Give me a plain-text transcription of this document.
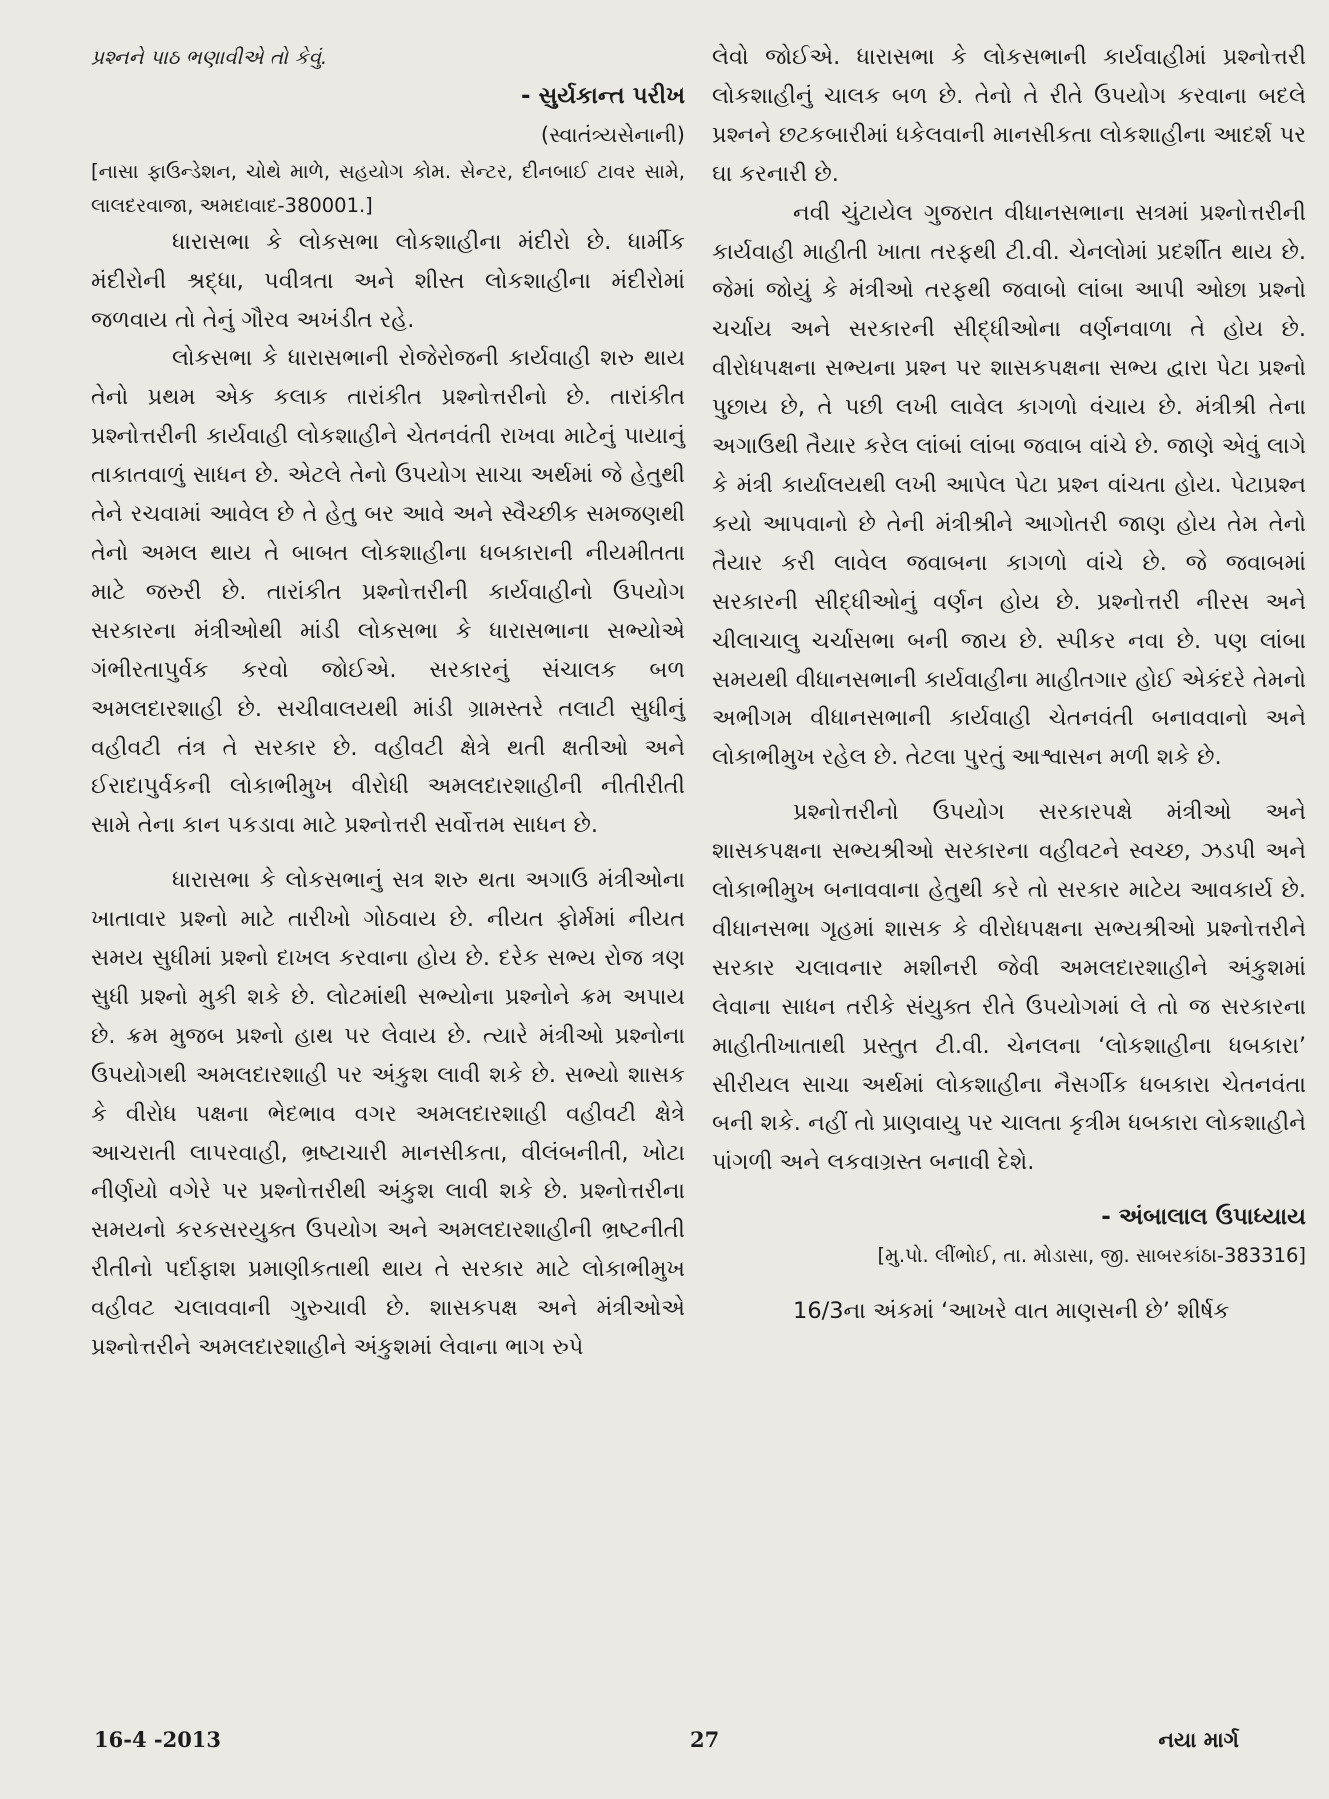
પ્રશ્નને પાઠ ભણાવીએ તો કેવું.

- સુર્યકાન્ત પરીખ

(સ્વાતંત્ર્યસેનાની)

[નાસા ફાઉન્ડેશન, ચોથે માળે, સહયોગ કોમ. સેન્ટર, દીનબાઈ ટાવર સામે, લાલદરવાજા, અમદાવાદ-380001.]

ધારાસભા કે લોકસભા લોકશાહીના મંદીરો છે. ધાર્મીક મંદીરોની શ્રદ્ધા, પવીત્રતા અને શીસ્ત લોકશાહીના મંદીરોમાં જળવાય તો તેનું ગૌરવ અખંડીત રહે.

લોકસભા કે ધારાસભાની રોજેરોજની કાર્યવાહી શરુ થાય તેનો પ્રથમ એક કલાક તારાંકીત પ્રશ્નોત્તરીનો છે. તારાંકીત પ્રશ્નોત્તરીની કાર્યવાહી લોકશાહીને ચેતનવંતી રાખવા માટેનું પાયાનું તાકાતવાળું સાધન છે. એટલે તેનો ઉપયોગ સાચા અર્થમાં જે હેતુથી તેને રચવામાં આવેલ છે તે હેતુ બર આવે અને સ્વૈચ્છીક સમજણથી તેનો અમલ થાય તે બાબત લોકશાહીના ધબકારાની નીયમીતતા માટે જરુરી છે. તારાંકીત પ્રશ્નોત્તરીની કાર્યવાહીનો ઉપયોગ સરકારના મંત્રીઓથી માંડી લોકસભા કે ધારાસભાના સભ્યોએ ગંભીરતાપુર્વક કરવો જોઈએ. સરકારનું સંચાલક બળ અમલદારશાહી છે. સચીવાલયથી માંડી ગ્રામસ્તરે તલાટી સુધીનું વહીવટી તંત્ર તે સરકાર છે. વહીવટી ક્ષેત્રે થતી ક્ષતીઓ અને ઈરાદાપુર્વકની લોકાભીમુખ વીરોધી અમલદારશાહીની નીતીરીતી સામે તેના કાન પકડાવા માટે પ્રશ્નોત્તરી સર્વોત્તમ સાધન છે.

ધારાસભા કે લોકસભાનું સત્ર શરુ થતા અગાઉ મંત્રીઓના ખાતાવાર પ્રશ્નો માટે તારીખો ગોઠવાય છે. નીયત ફોર્મમાં નીયત સમય સુધીમાં પ્રશ્નો દાખલ કરવાના હોય છે. દરેક સભ્ય રોજ ત્રણ સુધી પ્રશ્નો મુકી શકે છે. લોટમાંથી સભ્યોના પ્રશ્નોને ક્રમ અપાય છે. ક્રમ મુજબ પ્રશ્નો હાથ પર લેવાય છે. ત્યારે મંત્રીઓ પ્રશ્નોના ઉપયોગથી અમલદારશાહી પર અંકુશ લાવી શકે છે. સભ્યો શાસક કે વીરોધ પક્ષના ભેદભાવ વગર અમલદારશાહી વહીવટી ક્ષેત્રે આચરાતી લાપરવાહી, ભ્રષ્ટાચારી માનસીકતા, વીલંબનીતી, ખોટા નીર્ણયો વગેરે પર પ્રશ્નોત્તરીથી અંકુશ લાવી શકે છે. પ્રશ્નોત્તરીના સમયનો કરકસરયુક્ત ઉપયોગ અને અમલદારશાહીની ભ્રષ્ટનીતી રીતીનો પર્દાફાશ પ્રમાણીકતાથી થાય તે સરકાર માટે લોકાભીમુખ વહીવટ ચલાવવાની ગુરુચાવી છે. શાસકપક્ષ અને મંત્રીઓએ પ્રશ્નોત્તરીને અમલદારશાહીને અંકુશમાં લેવાના ભાગ રુપે

લેવો જોઈએ. ધારાસભા કે લોકસભાની કાર્યવાહીમાં પ્રશ્નોત્તરી લોકશાહીનું ચાલક બળ છે. તેનો તે રીતે ઉપયોગ કરવાના બદલે પ્રશ્નને છટકબારીમાં ધકેલવાની માનસીકતા લોકશાહીના આદર્શ પર ઘા કરનારી છે.

નવી ચુંટાયેલ ગુજરાત વીધાનસભાના સત્રમાં પ્રશ્નોત્તરીની કાર્યવાહી માહીતી ખાતા તરફથી ટી.વી. ચેનલોમાં પ્રદર્શીત થાય છે. જેમાં જોયું કે મંત્રીઓ તરફથી જવાબો લાંબા આપી ઓછા પ્રશ્નો ચર્ચાય અને સરકારની સીદ્ધીઓના વર્ણનવાળા તે હોય છે. વીરોધપક્ષના સભ્યના પ્રશ્ન પર શાસકપક્ષના સભ્ય દ્વારા પેટા પ્રશ્નો પુછાય છે, તે પછી લખી લાવેલ કાગળો વંચાય છે. મંત્રીશ્રી તેના અગાઉથી તૈયાર કરેલ લાંબાં લાંબા જવાબ વાંચે છે. જાણે એવું લાગે કે મંત્રી કાર્યાલયથી લખી આપેલ પેટા પ્રશ્ન વાંચતા હોય. પેટાપ્રશ્ન કયો આપવાનો છે તેની મંત્રીશ્રીને આગોતરી જાણ હોય તેમ તેનો તૈયાર કરી લાવેલ જવાબના કાગળો વાંચે છે. જે જવાબમાં સરકારની સીદ્ધીઓનું વર્ણન હોય છે. પ્રશ્નોત્તરી નીરસ અને ચીલાચાલુ ચર્ચાસભા બની જાય છે. સ્પીકર નવા છે. પણ લાંબા સમયથી વીધાનસભાની કાર્યવાહીના માહીતગાર હોઈ એકંદરે તેમનો અભીગમ વીધાનસભાની કાર્યવાહી ચેતનવંતી બનાવવાનો અને લોકાભીમુખ રહેલ છે. તેટલા પુરતું આશ્વાસન મળી શકે છે.

પ્રશ્નોત્તરીનો ઉપયોગ સરકારપક્ષે મંત્રીઓ અને શાસકપક્ષના સભ્યશ્રીઓ સરકારના વહીવટને સ્વચ્છ, ઝડપી અને લોકાભીમુખ બનાવવાના હેતુથી કરે તો સરકાર માટેય આવકાર્ય છે. વીધાનસભા ગૃહમાં શાસક કે વીરોધપક્ષના સભ્યશ્રીઓ પ્રશ્નોત્તરીને સરકાર ચલાવનાર મશીનરી જેવી અમલદારશાહીને અંકુશમાં લેવાના સાધન તરીકે સંયુક્ત રીતે ઉપયોગમાં લે તો જ સરકારના માહીતીખાતાથી પ્રસ્તુત ટી.વી. ચેનલના ‘લોકશાહીના ધબકારા’ સીરીયલ સાચા અર્થમાં લોકશાહીના નૈસર્ગીક ધબકારા ચેતનવંતા બની શકે. નહીં તો પ્રાણવાયુ પર ચાલતા કૃત્રીમ ધબકારા લોકશાહીને પાંગળી અને લકવાગ્રસ્ત બનાવી દેશે.

- અંબાલાલ ઉપાધ્યાય

[મુ.પો. લીંભોઈ, તા. મોડાસા, જી. સાબરકાંઠા-383316]

16/3ના અંકમાં ‘આખરે વાત માણસની છે’ શીર્ષક

16-4 -2013	27	નયા માર્ગ
